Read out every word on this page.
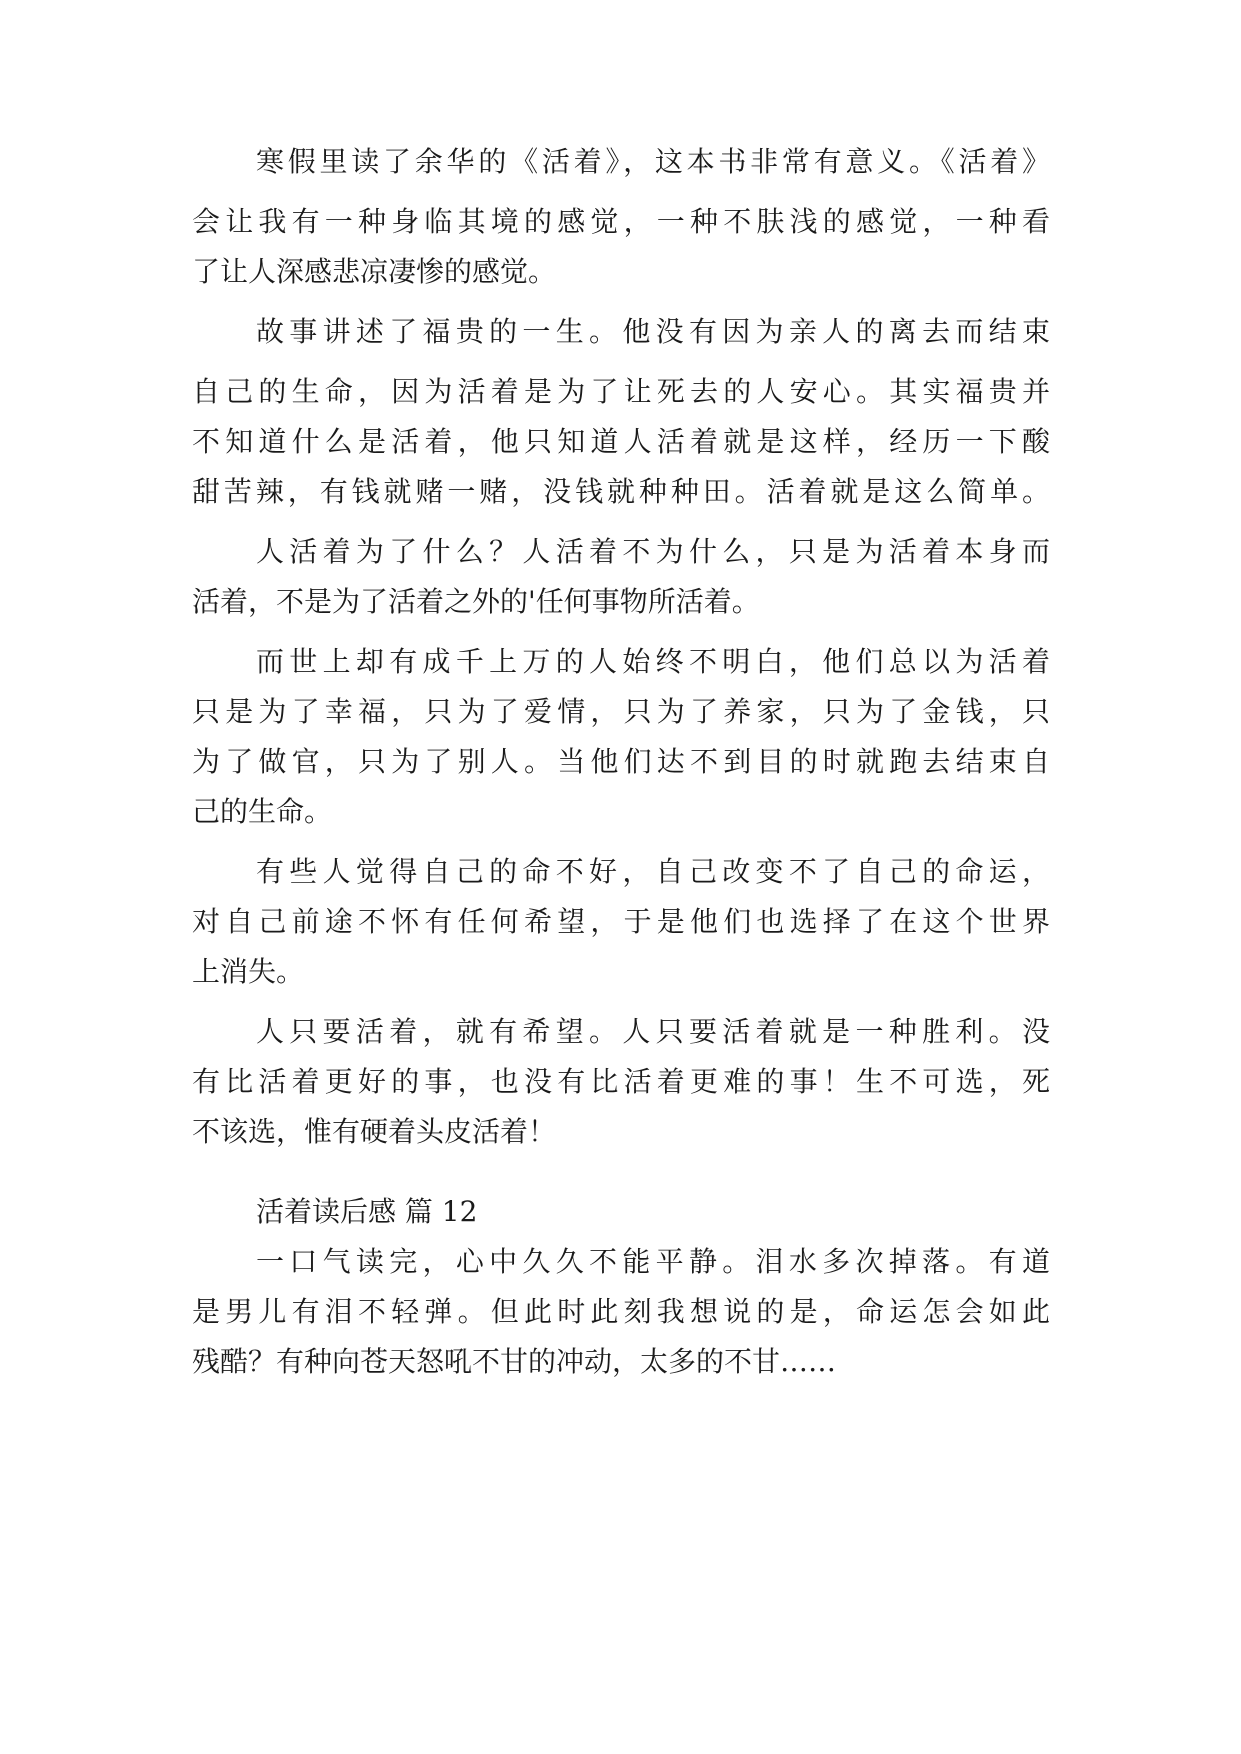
寒假里读了余华的《活着》，这本书非常有意义。《活着》
会让我有一种身临其境的感觉，一种不肤浅的感觉，一种看
了让人深感悲凉凄惨的感觉。
故事讲述了福贵的一生。他没有因为亲人的离去而结束
自己的生命，因为活着是为了让死去的人安心。其实福贵并
不知道什么是活着，他只知道人活着就是这样，经历一下酸
甜苦辣，有钱就赌一赌，没钱就种种田。活着就是这么简单。
人活着为了什么？人活着不为什么，只是为活着本身而
活着，不是为了活着之外的'任何事物所活着。
而世上却有成千上万的人始终不明白，他们总以为活着
只是为了幸福，只为了爱情，只为了养家，只为了金钱，只
为了做官，只为了别人。当他们达不到目的时就跑去结束自
己的生命。
有些人觉得自己的命不好，自己改变不了自己的命运，
对自己前途不怀有任何希望，于是他们也选择了在这个世界
上消失。
人只要活着，就有希望。人只要活着就是一种胜利。没
有比活着更好的事，也没有比活着更难的事！生不可选，死
不该选，惟有硬着头皮活着！
活着读后感 篇 12
一口气读完，心中久久不能平静。泪水多次掉落。有道
是男儿有泪不轻弹。但此时此刻我想说的是，命运怎会如此
残酷？有种向苍天怒吼不甘的冲动，太多的不甘……
